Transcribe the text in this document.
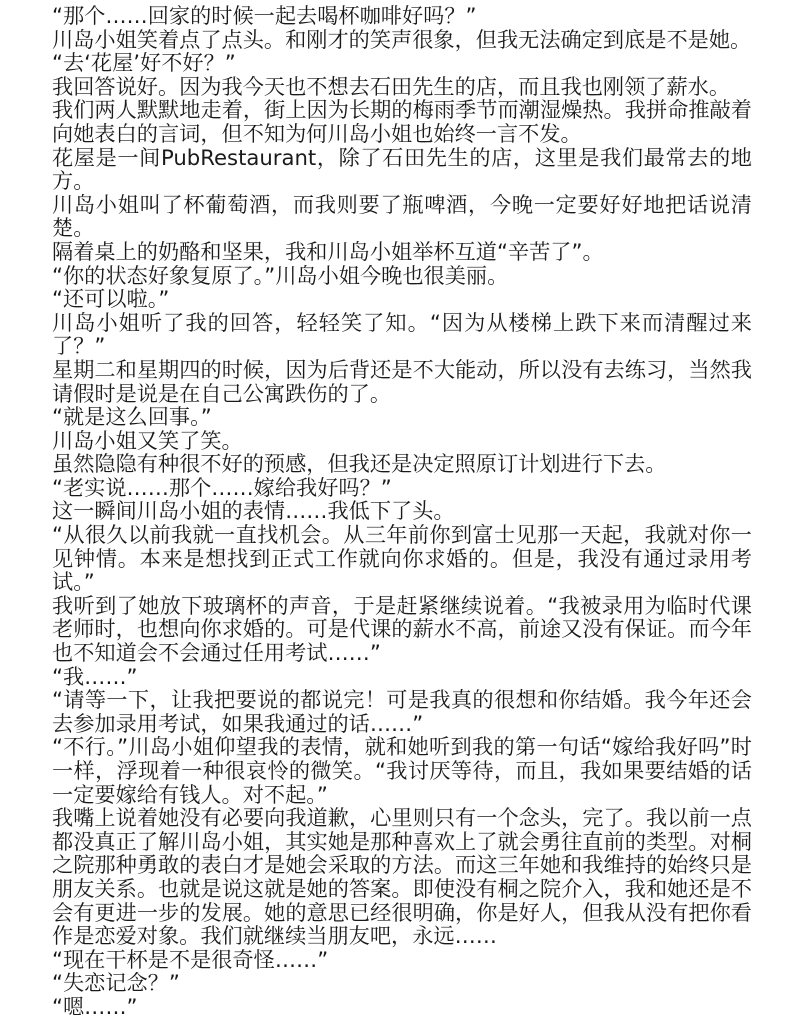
“那个……回家的时候一起去喝杯咖啡好吗？”

川岛小姐笑着点了点头。和刚才的笑声很象，但我无法确定到底是不是她。

“去‘花屋’好不好？”

我回答说好。因为我今天也不想去石田先生的店，而且我也刚领了薪水。

我们两人默默地走着，街上因为长期的梅雨季节而潮湿燥热。我拼命推敲着向她表白的言词，但不知为何川岛小姐也始终一言不发。

花屋是一间PubRestaurant，除了石田先生的店，这里是我们最常去的地方。

川岛小姐叫了杯葡萄酒，而我则要了瓶啤酒，今晚一定要好好地把话说清楚。

隔着桌上的奶酪和坚果，我和川岛小姐举杯互道“辛苦了”。

“你的状态好象复原了。”川岛小姐今晚也很美丽。

“还可以啦。”

川岛小姐听了我的回答，轻轻笑了知。“因为从楼梯上跌下来而清醒过来了？”

星期二和星期四的时候，因为后背还是不大能动，所以没有去练习，当然我请假时是说是在自己公寓跌伤的了。

“就是这么回事。”

川岛小姐又笑了笑。

虽然隐隐有种很不好的预感，但我还是决定照原订计划进行下去。

“老实说……那个……嫁给我好吗？”

这一瞬间川岛小姐的表情……我低下了头。

“从很久以前我就一直找机会。从三年前你到富士见那一天起，我就对你一见钟情。本来是想找到正式工作就向你求婚的。但是，我没有通过录用考试。”

我听到了她放下玻璃杯的声音，于是赶紧继续说着。“我被录用为临时代课老师时，也想向你求婚的。可是代课的薪水不高，前途又没有保证。而今年也不知道会不会通过任用考试……”

“我……”

“请等一下，让我把要说的都说完！可是我真的很想和你结婚。我今年还会去参加录用考试，如果我通过的话……”

“不行。”川岛小姐仰望我的表情，就和她听到我的第一句话“嫁给我好吗”时一样，浮现着一种很哀怜的微笑。“我讨厌等待，而且，我如果要结婚的话一定要嫁给有钱人。对不起。”

我嘴上说着她没有必要向我道歉，心里则只有一个念头，完了。我以前一点都没真正了解川岛小姐，其实她是那种喜欢上了就会勇往直前的类型。对桐之院那种勇敢的表白才是她会采取的方法。而这三年她和我维持的始终只是朋友关系。也就是说这就是她的答案。即使没有桐之院介入，我和她还是不会有更进一步的发展。她的意思已经很明确，你是好人，但我从没有把你看作是恋爱对象。我们就继续当朋友吧，永远……

“现在干杯是不是很奇怪……”

“失恋记念？”

“嗯……”
